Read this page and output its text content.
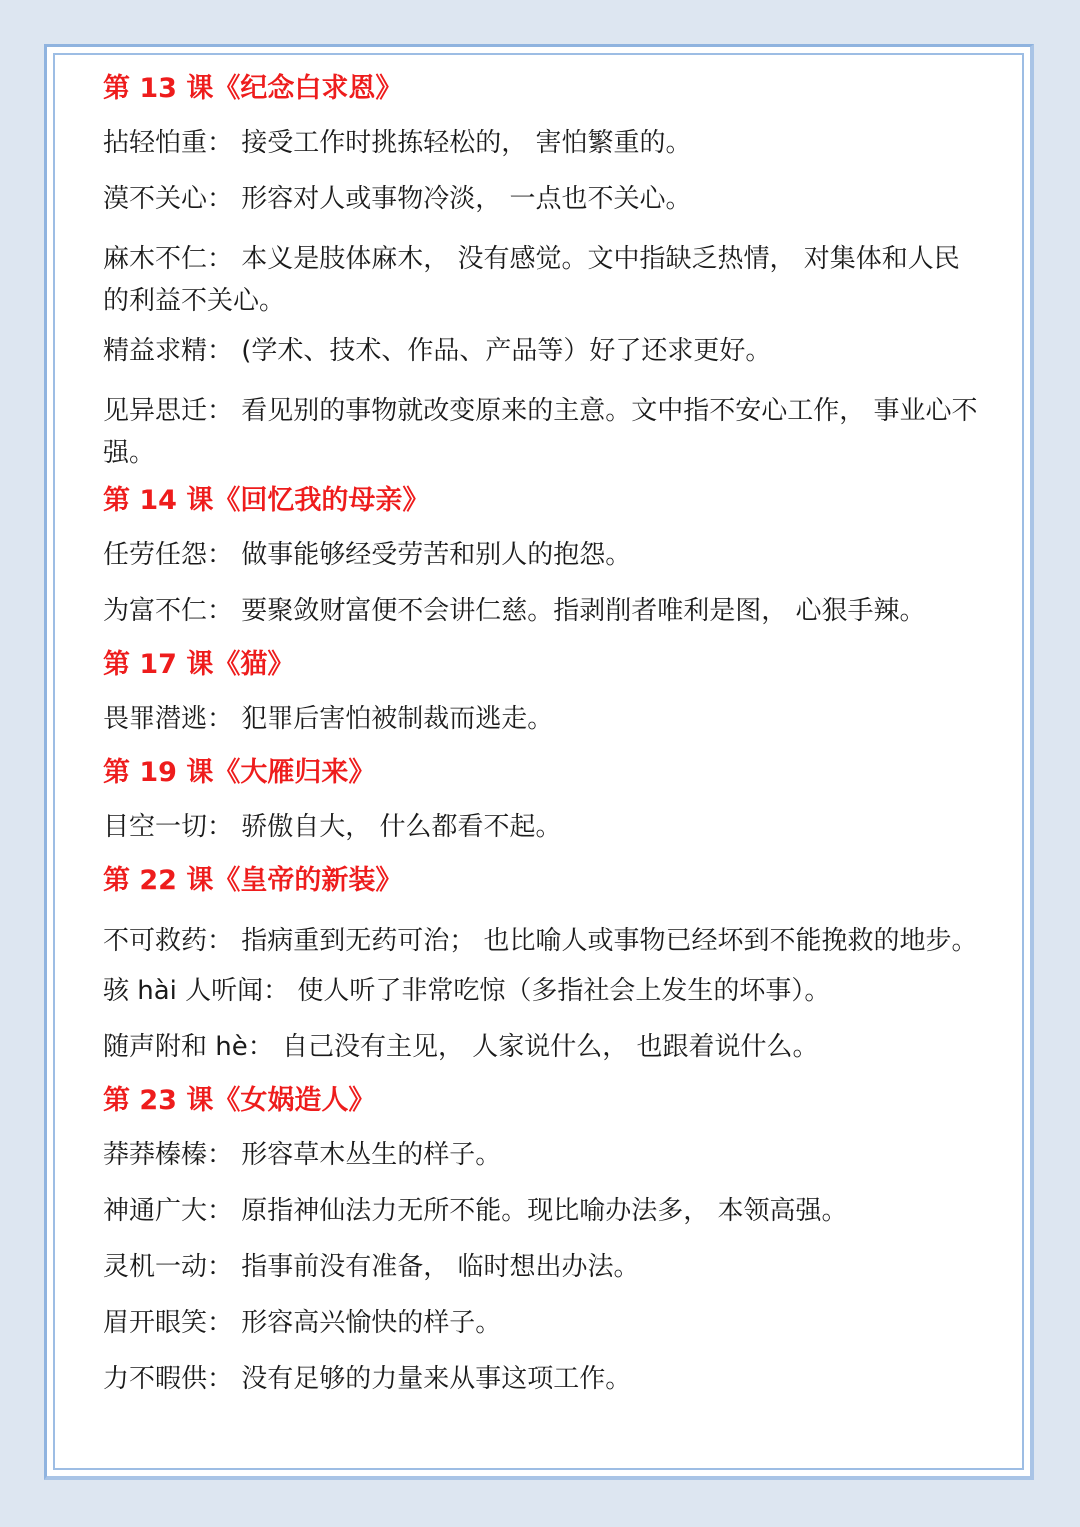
第 13 课《纪念白求恩》
拈轻怕重： 接受工作时挑拣轻松的， 害怕繁重的。
漠不关心： 形容对人或事物冷淡， 一点也不关心。
麻木不仁： 本义是肢体麻木， 没有感觉。文中指缺乏热情， 对集体和人民的利益不关心。
精益求精： (学术、技术、作品、产品等）好了还求更好。
见异思迁： 看见别的事物就改变原来的主意。文中指不安心工作， 事业心不强。
第 14 课《回忆我的母亲》
任劳任怨： 做事能够经受劳苦和别人的抱怨。
为富不仁： 要聚敛财富便不会讲仁慈。指剥削者唯利是图， 心狠手辣。
第 17 课《猫》
畏罪潜逃： 犯罪后害怕被制裁而逃走。
第 19 课《大雁归来》
目空一切： 骄傲自大， 什么都看不起。
第 22 课《皇帝的新装》
不可救药： 指病重到无药可治； 也比喻人或事物已经坏到不能挽救的地步。
骇 hài 人听闻： 使人听了非常吃惊（多指社会上发生的坏事）。
随声附和 hè： 自己没有主见， 人家说什么， 也跟着说什么。
第 23 课《女娲造人》
莽莽榛榛： 形容草木丛生的样子。
神通广大： 原指神仙法力无所不能。现比喻办法多， 本领高强。
灵机一动： 指事前没有准备， 临时想出办法。
眉开眼笑： 形容高兴愉快的样子。
力不暇供： 没有足够的力量来从事这项工作。
